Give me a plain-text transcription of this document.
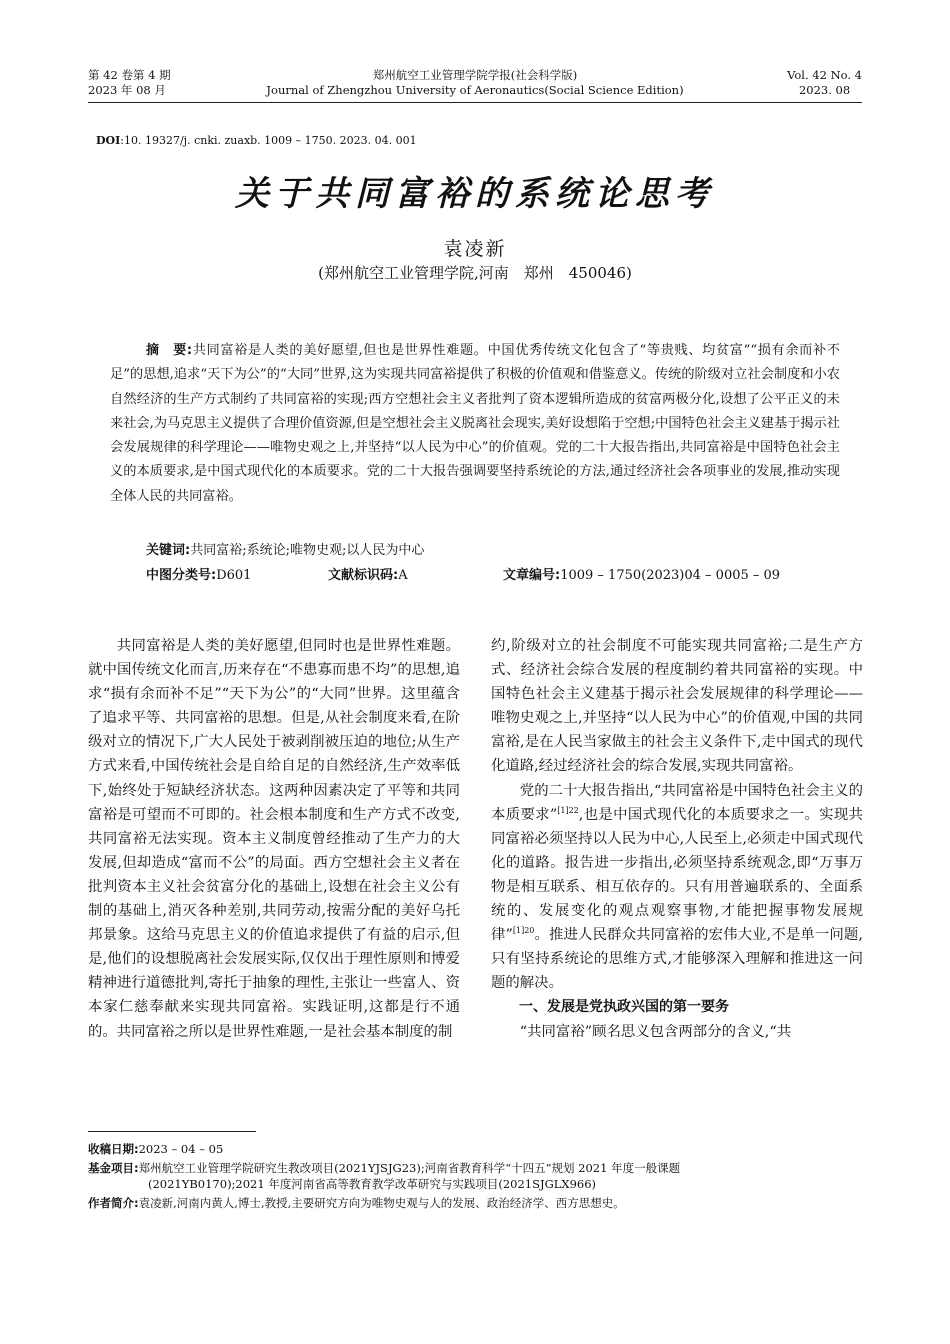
第 42 卷第 4 期
2023 年 08 月
郑州航空工业管理学院学报(社会科学版)
Journal of Zhengzhou University of Aeronautics(Social Science Edition)
Vol. 42 No. 4
2023. 08
DOI:10. 19327/j. cnki. zuaxb. 1009 – 1750. 2023. 04. 001
关于共同富裕的系统论思考
袁凌新
(郑州航空工业管理学院,河南　郑州　450046)
摘　要:共同富裕是人类的美好愿望,但也是世界性难题。中国优秀传统文化包含了“等贵贱、均贫富”“损有余而补不足”的思想,追求“天下为公”的“大同”世界,这为实现共同富裕提供了积极的价值观和借鉴意义。传统的阶级对立社会制度和小农自然经济的生产方式制约了共同富裕的实现;西方空想社会主义者批判了资本逻辑所造成的贫富两极分化,设想了公平正义的未来社会,为马克思主义提供了合理价值资源,但是空想社会主义脱离社会现实,美好设想陷于空想;中国特色社会主义建基于揭示社会发展规律的科学理论——唯物史观之上,并坚持“以人民为中心”的价值观。党的二十大报告指出,共同富裕是中国特色社会主义的本质要求,是中国式现代化的本质要求。党的二十大报告强调要坚持系统论的方法,通过经济社会各项事业的发展,推动实现全体人民的共同富裕。
关键词:共同富裕;系统论;唯物史观;以人民为中心
中图分类号:D601	文献标识码:A	文章编号:1009 – 1750(2023)04 – 0005 – 09

共同富裕是人类的美好愿望,但同时也是世界性难题。就中国传统文化而言,历来存在“不患寡而患不均”的思想,追求“损有余而补不足”“天下为公”的“大同”世界。这里蕴含了追求平等、共同富裕的思想。但是,从社会制度来看,在阶级对立的情况下,广大人民处于被剥削被压迫的地位;从生产方式来看,中国传统社会是自给自足的自然经济,生产效率低下,始终处于短缺经济状态。这两种因素决定了平等和共同富裕是可望而不可即的。社会根本制度和生产方式不改变,共同富裕无法实现。资本主义制度曾经推动了生产力的大发展,但却造成“富而不公”的局面。西方空想社会主义者在批判资本主义社会贫富分化的基础上,设想在社会主义公有制的基础上,消灭各种差别,共同劳动,按需分配的美好乌托邦景象。这给马克思主义的价值追求提供了有益的启示,但是,他们的设想脱离社会发展实际,仅仅出于理性原则和博爱精神进行道德批判,寄托于抽象的理性,主张让一些富人、资本家仁慈奉献来实现共同富裕。实践证明,这都是行不通的。共同富裕之所以是世界性难题,一是社会基本制度的制

约,阶级对立的社会制度不可能实现共同富裕;二是生产方式、经济社会综合发展的程度制约着共同富裕的实现。中国特色社会主义建基于揭示社会发展规律的科学理论——唯物史观之上,并坚持“以人民为中心”的价值观,中国的共同富裕,是在人民当家做主的社会主义条件下,走中国式的现代化道路,经过经济社会的综合发展,实现共同富裕。

党的二十大报告指出,“共同富裕是中国特色社会主义的本质要求”$^{[1]22}$,也是中国式现代化的本质要求之一。实现共同富裕必须坚持以人民为中心,人民至上,必须走中国式现代化的道路。报告进一步指出,必须坚持系统观念,即“万事万物是相互联系、相互依存的。只有用普遍联系的、全面系统的、发展变化的观点观察事物,才能把握事物发展规律”$^{[1]20}$。推进人民群众共同富裕的宏伟大业,不是单一问题,只有坚持系统论的思维方式,才能够深入理解和推进这一问题的解决。

一、发展是党执政兴国的第一要务

“共同富裕”顾名思义包含两部分的含义,“共

收稿日期:2023 – 04 – 05
基金项目:郑州航空工业管理学院研究生教改项目(2021YJSJG23);河南省教育科学“十四五”规划 2021 年度一般课题
(2021YB0170);2021 年度河南省高等教育教学改革研究与实践项目(2021SJGLX966)
作者简介:袁凌新,河南内黄人,博士,教授,主要研究方向为唯物史观与人的发展、政治经济学、西方思想史。
